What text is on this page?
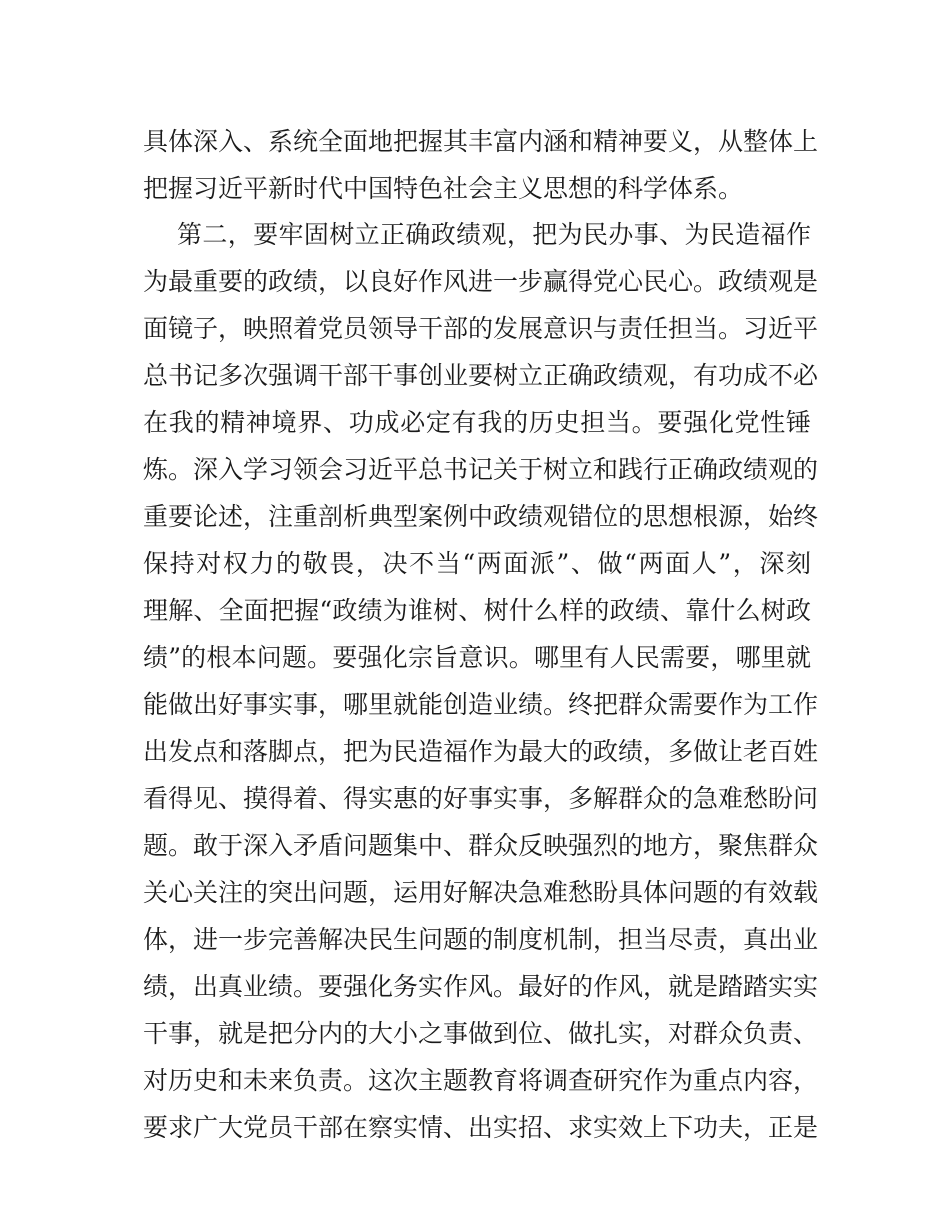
具体深入、系统全面地把握其丰富内涵和精神要义，从整体上
把握习近平新时代中国特色社会主义思想的科学体系。
第二，要牢固树立正确政绩观，把为民办事、为民造福作
为最重要的政绩，以良好作风进一步赢得党心民心。政绩观是
面镜子，映照着党员领导干部的发展意识与责任担当。习近平
总书记多次强调干部干事创业要树立正确政绩观，有功成不必
在我的精神境界、功成必定有我的历史担当。要强化党性锤
炼。深入学习领会习近平总书记关于树立和践行正确政绩观的
重要论述，注重剖析典型案例中政绩观错位的思想根源，始终
保持对权力的敬畏，决不当“两面派”、做“两面人”，深刻
理解、全面把握“政绩为谁树、树什么样的政绩、靠什么树政
绩”的根本问题。要强化宗旨意识。哪里有人民需要，哪里就
能做出好事实事，哪里就能创造业绩。终把群众需要作为工作
出发点和落脚点，把为民造福作为最大的政绩，多做让老百姓
看得见、摸得着、得实惠的好事实事，多解群众的急难愁盼问
题。敢于深入矛盾问题集中、群众反映强烈的地方，聚焦群众
关心关注的突出问题，运用好解决急难愁盼具体问题的有效载
体，进一步完善解决民生问题的制度机制，担当尽责，真出业
绩，出真业绩。要强化务实作风。最好的作风，就是踏踏实实
干事，就是把分内的大小之事做到位、做扎实，对群众负责、
对历史和未来负责。这次主题教育将调查研究作为重点内容，
要求广大党员干部在察实情、出实招、求实效上下功夫，正是
